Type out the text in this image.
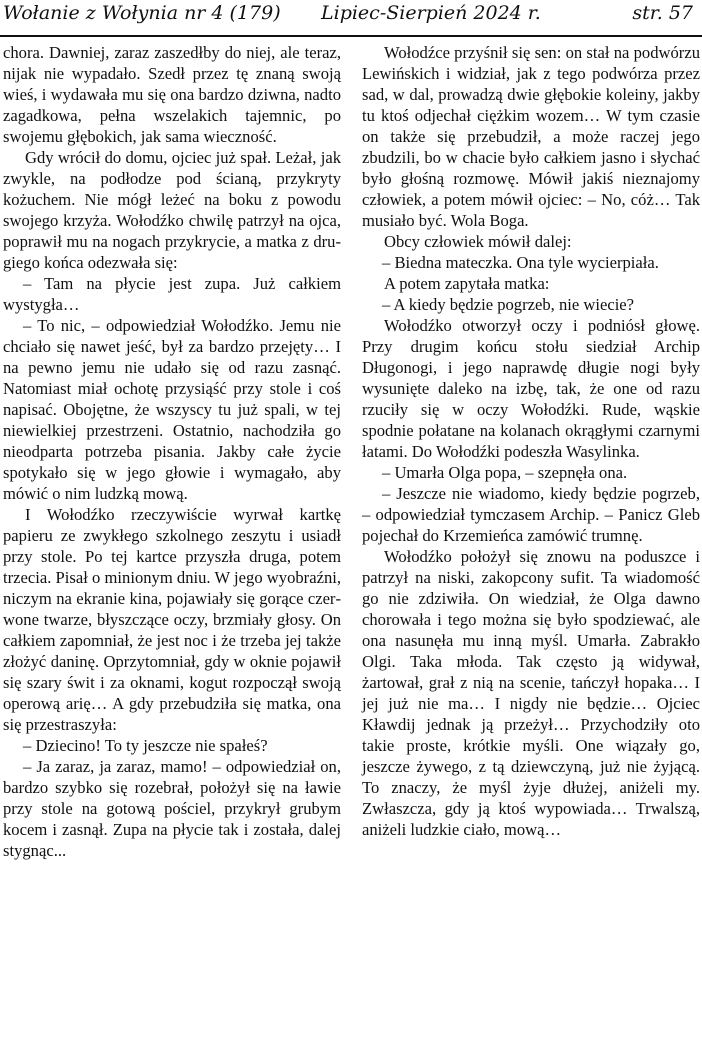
Wołanie z Wołynia nr 4 (179) Lipiec-Sierpień 2024 r.	str. 57

chora. Dawniej, zaraz zaszedłby do niej, ale teraz, nijak nie wypadało. Szedł przez tę znaną swoją wieś, i wydawała mu się ona bardzo dziwna, nadto zagadkowa, pełna wszelakich tajemnic, po swojemu głębokich, jak sama wieczność.

Gdy wrócił do domu, ojciec już spał. Leżał, jak zwykle, na podłodze pod ścianą, przykryty kożuchem. Nie mógł leżeć na boku z powodu swojego krzyża. Wołodźko chwilę patrzył na ojca, poprawił mu na nogach przykrycie, a matka z drugiego końca odezwała się:

– Tam na płycie jest zupa. Już całkiem wystygła…

– To nic, – odpowiedział Wołodźko. Jemu nie chciało się nawet jeść, był za bardzo przejęty… I na pewno jemu nie udało się od razu zasnąć. Natomiast miał ochotę przysiąść przy stole i coś napisać. Obojętne, że wszyscy tu już spali, w tej niewielkiej przestrzeni. Ostatnio, nachodziła go nieodparta potrzeba pisania. Jakby całe życie spotykało się w jego głowie i wymagało, aby mówić o nim ludzką mową.

I Wołodźko rzeczywiście wyrwał kartkę papieru ze zwykłego szkolnego zeszytu i usiadł przy stole. Po tej kartce przyszła druga, potem trzecia. Pisał o minionym dniu. W jego wyobraźni, niczym na ekranie kina, pojawiały się gorące czerwone twarze, błyszczące oczy, brzmiały głosy. On całkiem zapomniał, że jest noc i że trzeba jej także złożyć daninę. Oprzytomniał, gdy w oknie pojawił się szary świt i za oknami, kogut rozpoczął swoją operową arię… A gdy przebudziła się matka, ona się przestraszyła:

– Dziecino! To ty jeszcze nie spałeś?

– Ja zaraz, ja zaraz, mamo! – odpowiedział on, bardzo szybko się rozebrał, położył się na ławie przy stole na gotową pościel, przykrył grubym kocem i zasnął. Zupa na płycie tak i została, dalej stygnąc...

Wołodźce przyśnił się sen: on stał na podwórzu Lewińskich i widział, jak z tego podwórza przez sad, w dal, prowadzą dwie głębokie koleiny, jakby tu ktoś odjechał ciężkim wozem… W tym czasie on także się przebudził, a może raczej jego zbudzili, bo w chacie było całkiem jasno i słychać było głośną rozmowę. Mówił jakiś nieznajomy człowiek, a potem mówił ojciec: – No, cóż… Tak musiało być. Wola Boga.

Obcy człowiek mówił dalej:

– Biedna mateczka. Ona tyle wycierpiała.

A potem zapytała matka:

– A kiedy będzie pogrzeb, nie wiecie?

Wołodźko otworzył oczy i podniósł głowę. Przy drugim końcu stołu siedział Archip Długonogi, i jego naprawdę długie nogi były wysunięte daleko na izbę, tak, że one od razu rzuciły się w oczy Wołodźki. Rude, wąskie spodnie połatane na kolanach okrągłymi czarnymi łatami. Do Wołodźki podeszła Wasylinka.

– Umarła Olga popa, – szepnęła ona.

– Jeszcze nie wiadomo, kiedy będzie pogrzeb, – odpowiedział tymczasem Archip. – Panicz Gleb pojechał do Krzemieńca zamówić trumnę.

Wołodźko położył się znowu na poduszce i patrzył na niski, zakopcony sufit. Ta wiadomość go nie zdziwiła. On wiedział, że Olga dawno chorowała i tego można się było spodziewać, ale ona nasunęła mu inną myśl. Umarła. Zabrakło Olgi. Taka młoda. Tak często ją widywał, żartował, grał z nią na scenie, tańczył hopaka… I jej już nie ma… I nigdy nie będzie… Ojciec Kławdij jednak ją przeżył… Przychodziły oto takie proste, krótkie myśli. One wiązały go, jeszcze żywego, z tą dziewczyną, już nie żyjącą. To znaczy, że myśl żyje dłużej, aniżeli my. Zwłaszcza, gdy ją ktoś wypowiada… Trwalszą, aniżeli ludzkie ciało, mową…
